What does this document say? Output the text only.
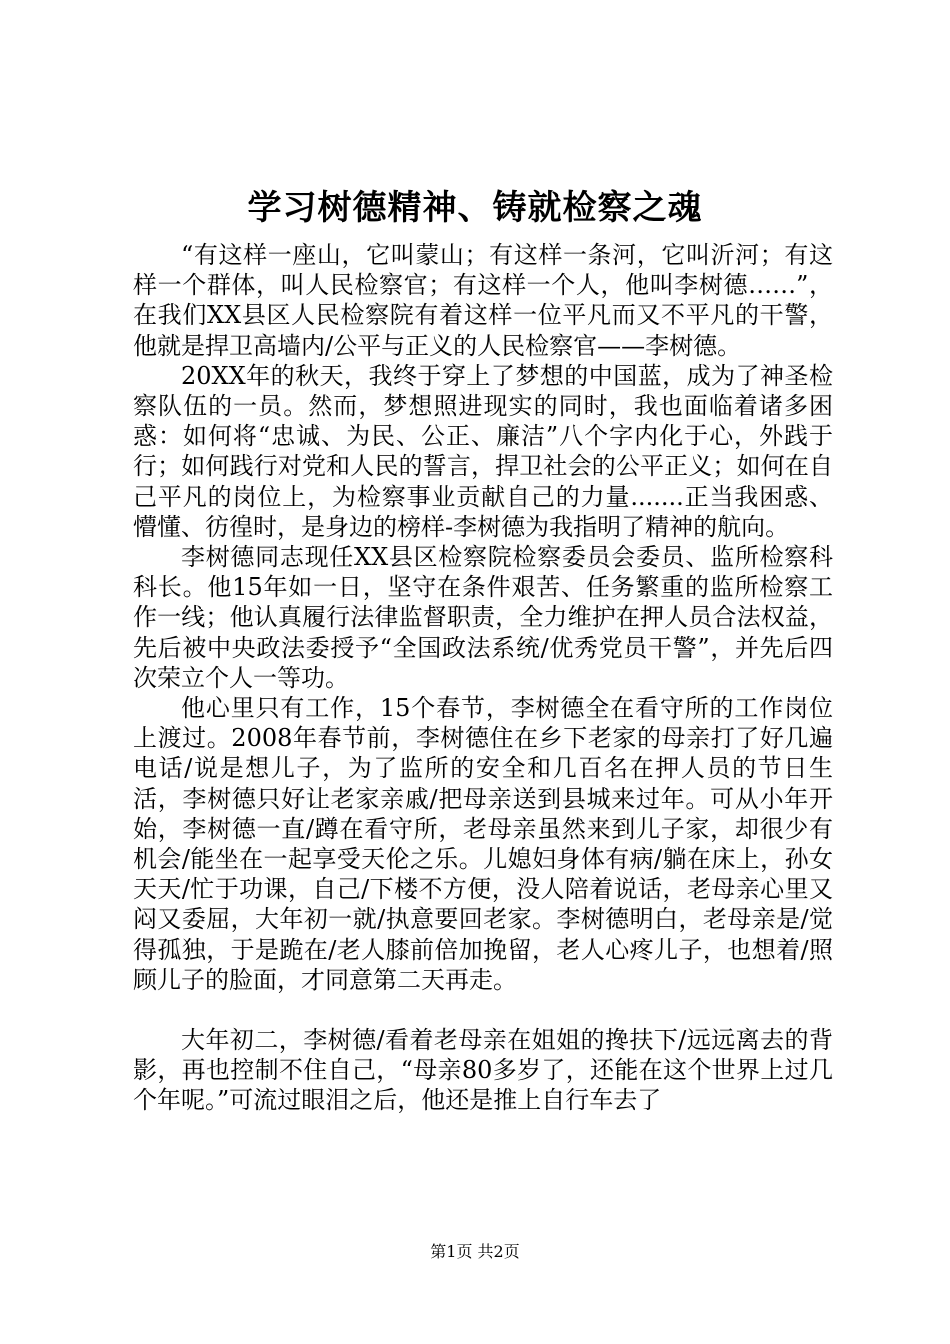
学习树德精神、铸就检察之魂

“有这样一座山，它叫蒙山；有这样一条河，它叫沂河；有这样一个群体，叫人民检察官；有这样一个人，他叫李树德……”，在我们XX县区人民检察院有着这样一位平凡而又不平凡的干警，他就是捍卫高墙内/公平与正义的人民检察官——李树德。

20XX年的秋天，我终于穿上了梦想的中国蓝，成为了神圣检察队伍的一员。然而，梦想照进现实的同时，我也面临着诸多困惑：如何将“忠诚、为民、公正、廉洁”八个字内化于心，外践于行；如何践行对党和人民的誓言，捍卫社会的公平正义；如何在自己平凡的岗位上，为检察事业贡献自己的力量.......正当我困惑、懵懂、彷徨时，是身边的榜样-李树德为我指明了精神的航向。

李树德同志现任XX县区检察院检察委员会委员、监所检察科科长。他15年如一日，坚守在条件艰苦、任务繁重的监所检察工作一线；他认真履行法律监督职责，全力维护在押人员合法权益，先后被中央政法委授予“全国政法系统/优秀党员干警”，并先后四次荣立个人一等功。

他心里只有工作，15个春节，李树德全在看守所的工作岗位上渡过。2008年春节前，李树德住在乡下老家的母亲打了好几遍电话/说是想儿子，为了监所的安全和几百名在押人员的节日生活，李树德只好让老家亲戚/把母亲送到县城来过年。可从小年开始，李树德一直/蹲在看守所，老母亲虽然来到儿子家，却很少有机会/能坐在一起享受天伦之乐。儿媳妇身体有病/躺在床上，孙女天天/忙于功课，自己/下楼不方便，没人陪着说话，老母亲心里又闷又委屈，大年初一就/执意要回老家。李树德明白，老母亲是/觉得孤独，于是跪在/老人膝前倍加挽留，老人心疼儿子，也想着/照顾儿子的脸面，才同意第二天再走。

大年初二，李树德/看着老母亲在姐姐的搀扶下/远远离去的背影，再也控制不住自己，“母亲80多岁了，还能在这个世界上过几个年呢。”可流过眼泪之后，他还是推上自行车去了

第1页 共2页
